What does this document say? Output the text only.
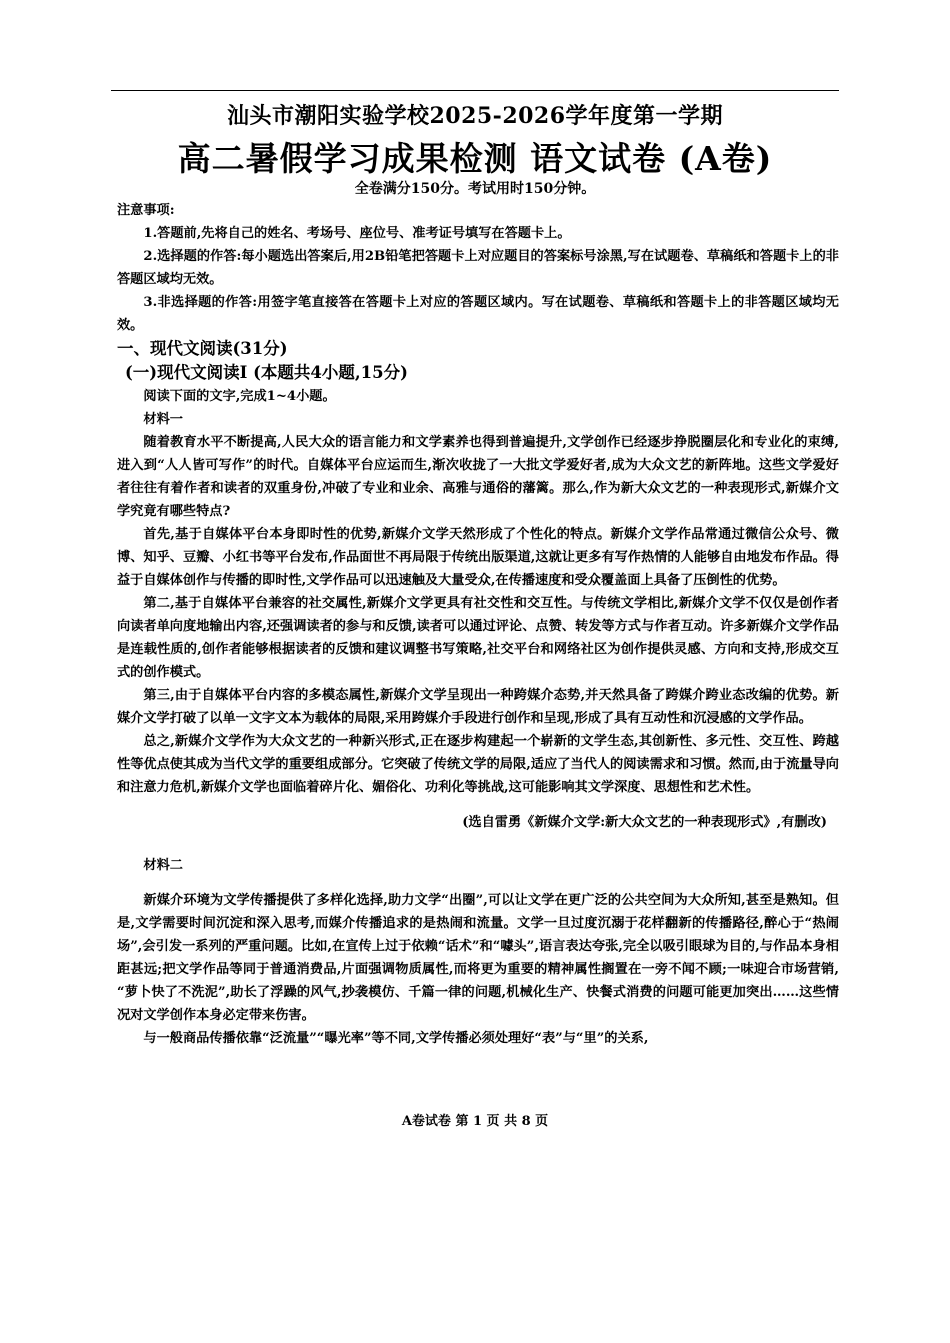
汕头市潮阳实验学校2025-2026学年度第一学期
高二暑假学习成果检测 语文试卷 (A卷)
全卷满分150分。考试用时150分钟。

注意事项:

1.答题前,先将自己的姓名、考场号、座位号、准考证号填写在答题卡上。

2.选择题的作答:每小题选出答案后,用2B铅笔把答题卡上对应题目的答案标号涂黑,写在试题卷、草稿纸和答题卡上的非答题区域均无效。

3.非选择题的作答:用签字笔直接答在答题卡上对应的答题区域内。写在试题卷、草稿纸和答题卡上的非答题区域均无效。

一、现代文阅读(31分)

(一)现代文阅读Ⅰ (本题共4小题,15分)

阅读下面的文字,完成1~4小题。

材料一

随着教育水平不断提高,人民大众的语言能力和文学素养也得到普遍提升,文学创作已经逐步挣脱圈层化和专业化的束缚,进入到“人人皆可写作”的时代。自媒体平台应运而生,渐次收拢了一大批文学爱好者,成为大众文艺的新阵地。这些文学爱好者往往有着作者和读者的双重身份,冲破了专业和业余、高雅与通俗的藩篱。那么,作为新大众文艺的一种表现形式,新媒介文学究竟有哪些特点?

首先,基于自媒体平台本身即时性的优势,新媒介文学天然形成了个性化的特点。新媒介文学作品常通过微信公众号、微博、知乎、豆瓣、小红书等平台发布,作品面世不再局限于传统出版渠道,这就让更多有写作热情的人能够自由地发布作品。得益于自媒体创作与传播的即时性,文学作品可以迅速触及大量受众,在传播速度和受众覆盖面上具备了压倒性的优势。

第二,基于自媒体平台兼容的社交属性,新媒介文学更具有社交性和交互性。与传统文学相比,新媒介文学不仅仅是创作者向读者单向度地输出内容,还强调读者的参与和反馈,读者可以通过评论、点赞、转发等方式与作者互动。许多新媒介文学作品是连载性质的,创作者能够根据读者的反馈和建议调整书写策略,社交平台和网络社区为创作提供灵感、方向和支持,形成交互式的创作模式。

第三,由于自媒体平台内容的多模态属性,新媒介文学呈现出一种跨媒介态势,并天然具备了跨媒介跨业态改编的优势。新媒介文学打破了以单一文字文本为载体的局限,采用跨媒介手段进行创作和呈现,形成了具有互动性和沉浸感的文学作品。

总之,新媒介文学作为大众文艺的一种新兴形式,正在逐步构建起一个崭新的文学生态,其创新性、多元性、交互性、跨越性等优点使其成为当代文学的重要组成部分。它突破了传统文学的局限,适应了当代人的阅读需求和习惯。然而,由于流量导向和注意力危机,新媒介文学也面临着碎片化、媚俗化、功利化等挑战,这可能影响其文学深度、思想性和艺术性。

(选自雷勇《新媒介文学:新大众文艺的一种表现形式》,有删改)

材料二

新媒介环境为文学传播提供了多样化选择,助力文学“出圈”,可以让文学在更广泛的公共空间为大众所知,甚至是熟知。但是,文学需要时间沉淀和深入思考,而媒介传播追求的是热闹和流量。文学一旦过度沉溺于花样翻新的传播路径,醉心于“热闹场”,会引发一系列的严重问题。比如,在宣传上过于依赖“话术”和“噱头”,语言表达夸张,完全以吸引眼球为目的,与作品本身相距甚远;把文学作品等同于普通消费品,片面强调物质属性,而将更为重要的精神属性搁置在一旁不闻不顾;一味迎合市场营销, “萝卜快了不洗泥”,助长了浮躁的风气,抄袭模仿、千篇一律的问题,机械化生产、快餐式消费的问题可能更加突出……这些情况对文学创作本身必定带来伤害。

与一般商品传播依靠“泛流量”“曝光率”等不同,文学传播必须处理好“表”与“里”的关系,

A卷试卷 第 1 页 共 8 页
